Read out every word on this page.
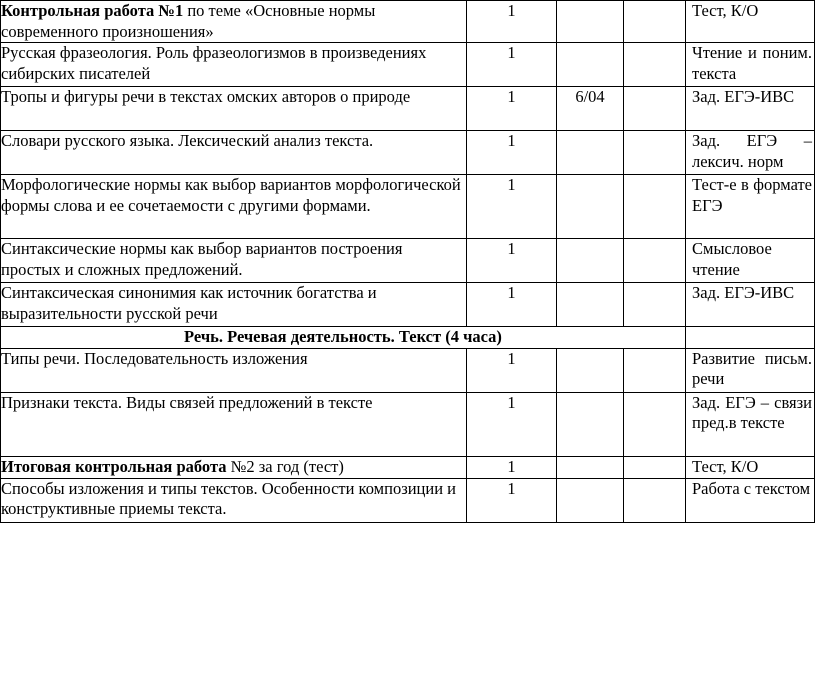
Контрольная работа №1 по теме «Основные нормы современного произношения»	1			Тест, К/О
Русская фразеология. Роль фразеологизмов в произведениях сибирских писателей	1			Чтение и поним. текста
Тропы и фигуры речи в текстах омских авторов о природе	1	6/04		Зад. ЕГЭ-ИВС
Словари русского языка. Лексический анализ текста.	1			Зад. ЕГЭ – лексич. норм
Морфологические нормы как выбор вариантов морфологической формы слова и ее сочетаемости с другими формами.	1			Тест-е в формате ЕГЭ
Синтаксические нормы как выбор вариантов построения простых и сложных предложений.	1			Смысловое чтение
Синтаксическая синонимия как источник богатства и выразительности русской речи	1			Зад. ЕГЭ-ИВС
Речь. Речевая деятельность. Текст (4 часа)				
Типы речи. Последовательность изложения	1			Развитие письм. речи
Признаки текста. Виды связей предложений в тексте	1			Зад. ЕГЭ – связи пред.в тексте
Итоговая контрольная работа №2 за год (тест)	1			Тест, К/О
Способы изложения и типы текстов. Особенности композиции и конструктивные приемы текста.	1			Работа с текстом
